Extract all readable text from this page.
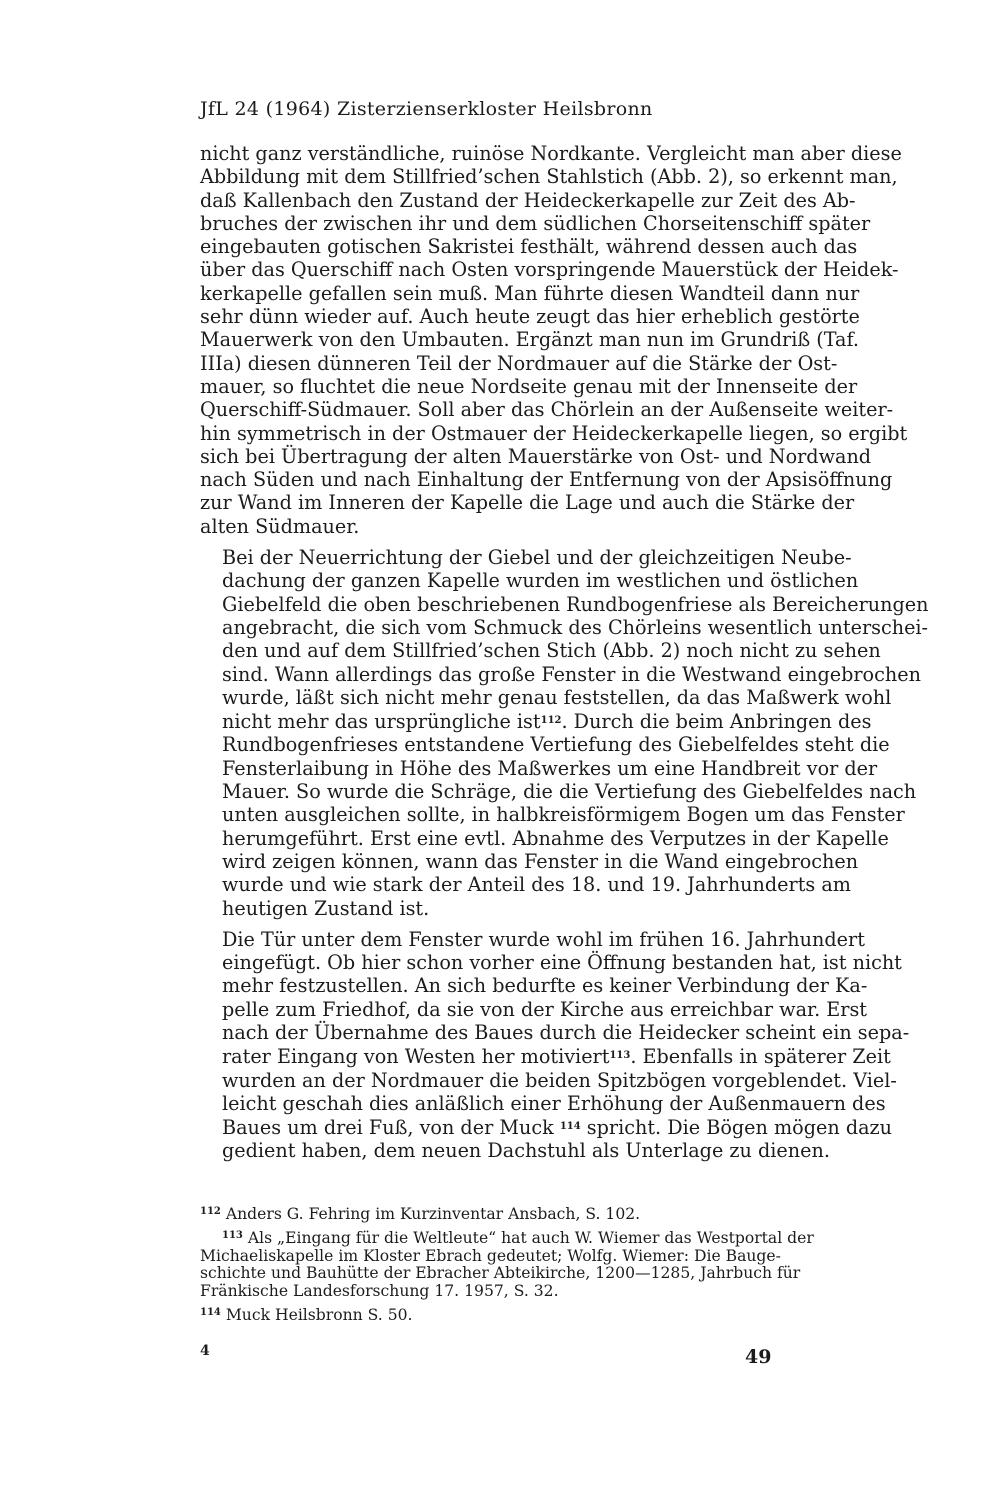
JfL 24 (1964) Zisterzienserkloster Heilsbronn

nicht ganz verständliche, ruinöse Nordkante. Vergleicht man aber diese
Abbildung mit dem Stillfried’schen Stahlstich (Abb. 2), so erkennt man,
daß Kallenbach den Zustand der Heideckerkapelle zur Zeit des Ab-
bruches der zwischen ihr und dem südlichen Chorseitenschiff später
eingebauten gotischen Sakristei festhält, während dessen auch das
über das Querschiff nach Osten vorspringende Mauerstück der Heidek-
kerkapelle gefallen sein muß. Man führte diesen Wandteil dann nur
sehr dünn wieder auf. Auch heute zeugt das hier erheblich gestörte
Mauerwerk von den Umbauten. Ergänzt man nun im Grundriß (Taf.
IIIa) diesen dünneren Teil der Nordmauer auf die Stärke der Ost-
mauer, so fluchtet die neue Nordseite genau mit der Innenseite der
Querschiff-Südmauer. Soll aber das Chörlein an der Außenseite weiter-
hin symmetrisch in der Ostmauer der Heideckerkapelle liegen, so ergibt
sich bei Übertragung der alten Mauerstärke von Ost- und Nordwand
nach Süden und nach Einhaltung der Entfernung von der Apsisöffnung
zur Wand im Inneren der Kapelle die Lage und auch die Stärke der
alten Südmauer.

Bei der Neuerrichtung der Giebel und der gleichzeitigen Neube-
dachung der ganzen Kapelle wurden im westlichen und östlichen
Giebelfeld die oben beschriebenen Rundbogenfriese als Bereicherungen
angebracht, die sich vom Schmuck des Chörleins wesentlich unterschei-
den und auf dem Stillfried’schen Stich (Abb. 2) noch nicht zu sehen
sind. Wann allerdings das große Fenster in die Westwand eingebrochen
wurde, läßt sich nicht mehr genau feststellen, da das Maßwerk wohl
nicht mehr das ursprüngliche ist$^{112}$. Durch die beim Anbringen des
Rundbogenfrieses entstandene Vertiefung des Giebelfeldes steht die
Fensterlaibung in Höhe des Maßwerkes um eine Handbreit vor der
Mauer. So wurde die Schräge, die die Vertiefung des Giebelfeldes nach
unten ausgleichen sollte, in halbkreisförmigem Bogen um das Fenster
herumgeführt. Erst eine evtl. Abnahme des Verputzes in der Kapelle
wird zeigen können, wann das Fenster in die Wand eingebrochen
wurde und wie stark der Anteil des 18. und 19. Jahrhunderts am
heutigen Zustand ist.

Die Tür unter dem Fenster wurde wohl im frühen 16. Jahrhundert
eingefügt. Ob hier schon vorher eine Öffnung bestanden hat, ist nicht
mehr festzustellen. An sich bedurfte es keiner Verbindung der Ka-
pelle zum Friedhof, da sie von der Kirche aus erreichbar war. Erst
nach der Übernahme des Baues durch die Heidecker scheint ein sepa-
rater Eingang von Westen her motiviert$^{113}$. Ebenfalls in späterer Zeit
wurden an der Nordmauer die beiden Spitzbögen vorgeblendet. Viel-
leicht geschah dies anläßlich einer Erhöhung der Außenmauern des
Baues um drei Fuß, von der Muck $^{114}$ spricht. Die Bögen mögen dazu
gedient haben, dem neuen Dachstuhl als Unterlage zu dienen.

$^{112}$ Anders G. Fehring im Kurzinventar Ansbach, S. 102.
$^{113}$ Als „Eingang für die Weltleute“ hat auch W. Wiemer das Westportal der
Michaeliskapelle im Kloster Ebrach gedeutet; Wolfg. Wiemer: Die Bauge-
schichte und Bauhütte der Ebracher Abteikirche, 1200—1285, Jahrbuch für
Fränkische Landesforschung 17. 1957, S. 32.
$^{114}$ Muck Heilsbronn S. 50.
4	49
